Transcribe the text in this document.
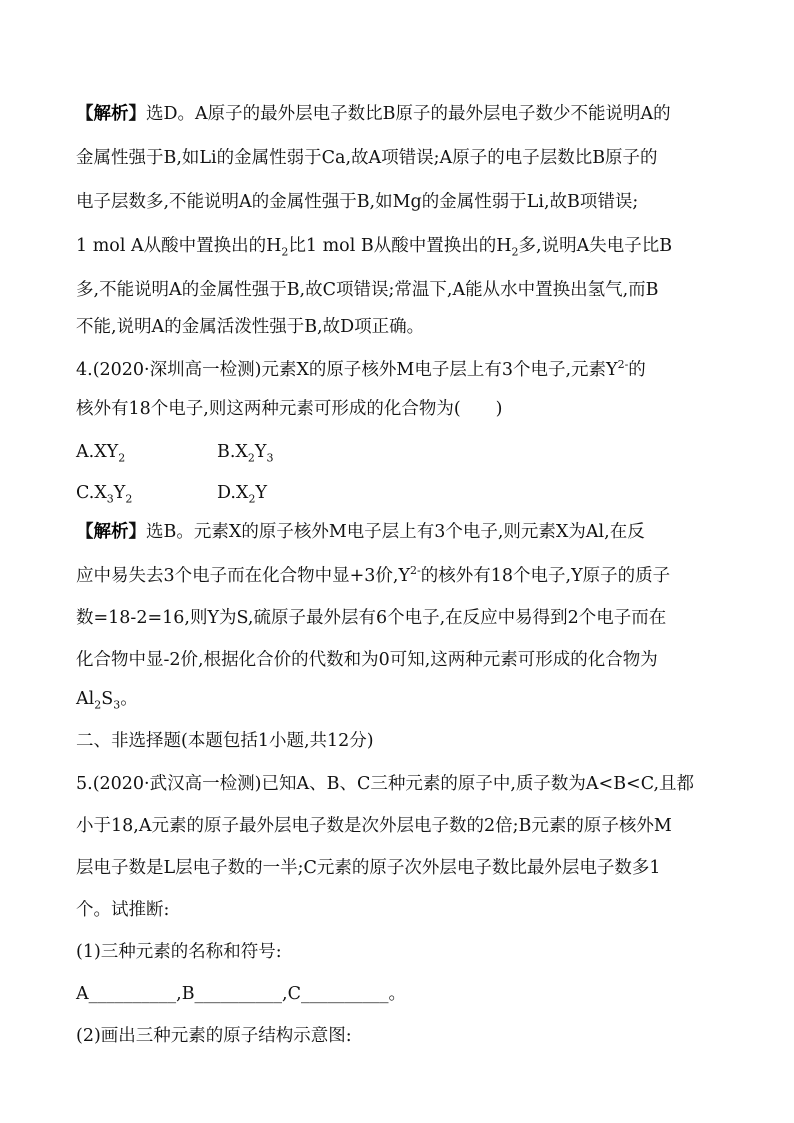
【解析】选D。A原子的最外层电子数比B原子的最外层电子数少不能说明A的
金属性强于B,如Li的金属性弱于Ca,故A项错误;A原子的电子层数比B原子的
电子层数多,不能说明A的金属性强于B,如Mg的金属性弱于Li,故B项错误;
1 mol A从酸中置换出的$H_2$比1 mol B从酸中置换出的$H_2$多,说明A失电子比B
多,不能说明A的金属性强于B,故C项错误;常温下,A能从水中置换出氢气,而B
不能,说明A的金属活泼性强于B,故D项正确。
4.(2020·深圳高一检测)元素X的原子核外M电子层上有3个电子,元素$Y^{2-}$的
核外有18个电子,则这两种元素可形成的化合物为(　　)
$A.XY_2$	$B.X_2Y_3$
$C.X_3Y_2$	$D.X_2Y$
【解析】选B。元素X的原子核外M电子层上有3个电子,则元素X为Al,在反
应中易失去3个电子而在化合物中显+3价$,Y^{2-}$的核外有18个电子,Y原子的质子
数=18-2=16,则Y为S,硫原子最外层有6个电子,在反应中易得到2个电子而在
化合物中显-2价,根据化合价的代数和为0可知,这两种元素可形成的化合物为
$Al_2S_3$。
二、非选择题(本题包括1小题,共12分)
5.(2020·武汉高一检测)已知A、B、C三种元素的原子中,质子数为A<B<C,且都
小于18,A元素的原子最外层电子数是次外层电子数的2倍;B元素的原子核外M
层电子数是L层电子数的一半;C元素的原子次外层电子数比最外层电子数多1
个。试推断:
(1)三种元素的名称和符号:
A__________,B__________,C__________。
(2)画出三种元素的原子结构示意图:
